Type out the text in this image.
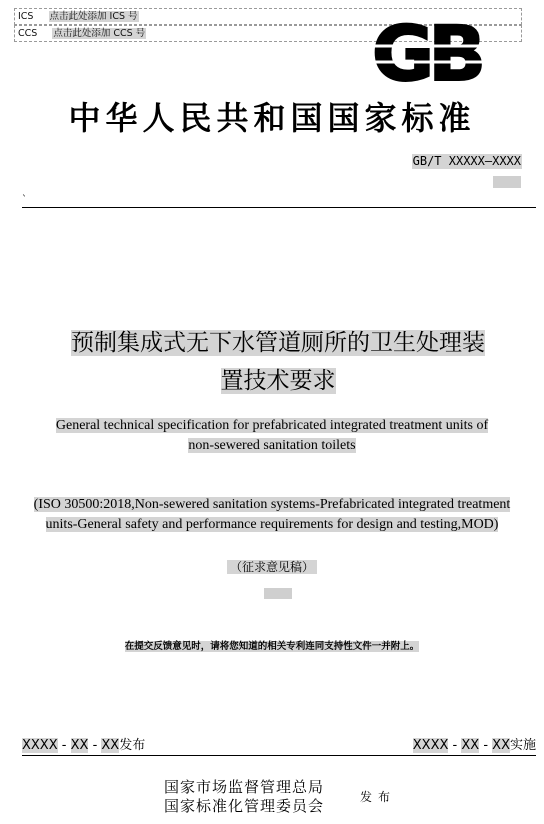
ICS 点击此处添加 ICS 号
CCS 点击此处添加 CCS 号	GB
中华人民共和国国家标准
GB/T XXXXX—XXXX
ˋ
预制集成式无下水管道厕所的卫生处理装
置技术要求
General technical specification for prefabricated integrated treatment units of
non-sewered sanitation toilets
(ISO 30500:2018,Non-sewered sanitation systems-Prefabricated integrated treatment
units-General safety and performance requirements for design and testing,MOD)
（征求意见稿）
在提交反馈意见时，请将您知道的相关专利连同支持性文件一并附上。
XXXX - XX - XX发布	XXXX - XX - XX实施
国家市场监督管理总局
国家标准化管理委员会	发布
